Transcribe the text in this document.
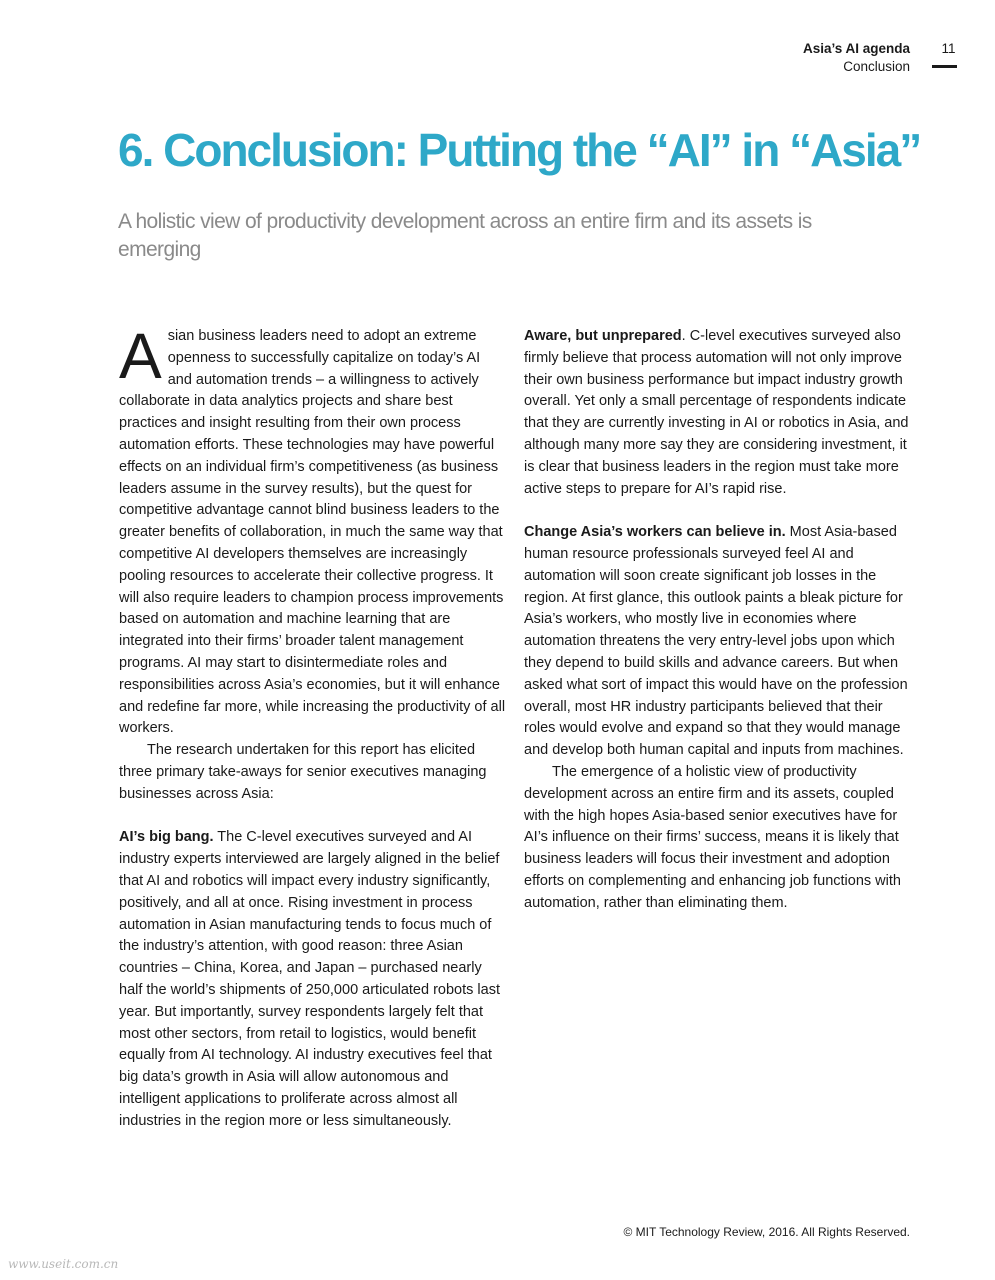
Asia’s AI agenda
Conclusion
11
6. Conclusion: Putting the “AI” in “Asia”
A holistic view of productivity development across an entire firm and its assets is emerging

Asian business leaders need to adopt an extreme openness to successfully capitalize on today’s AI and automation trends – a willingness to actively collaborate in data analytics projects and share best practices and insight resulting from their own process automation efforts. These technologies may have powerful effects on an individual firm’s competitiveness (as business leaders assume in the survey results), but the quest for competitive advantage cannot blind business leaders to the greater benefits of collaboration, in much the same way that competitive AI developers themselves are increasingly pooling resources to accelerate their collective progress. It will also require leaders to champion process improvements based on automation and machine learning that are integrated into their firms’ broader talent management programs. AI may start to disintermediate roles and responsibilities across Asia’s economies, but it will enhance and redefine far more, while increasing the productivity of all workers.

The research undertaken for this report has elicited three primary take-aways for senior executives managing businesses across Asia:

AI’s big bang. The C-level executives surveyed and AI industry experts interviewed are largely aligned in the belief that AI and robotics will impact every industry significantly, positively, and all at once. Rising investment in process automation in Asian manufacturing tends to focus much of the industry’s attention, with good reason: three Asian countries – China, Korea, and Japan – purchased nearly half the world’s shipments of 250,000 articulated robots last year. But importantly, survey respondents largely felt that most other sectors, from retail to logistics, would benefit equally from AI technology. AI industry executives feel that big data’s growth in Asia will allow autonomous and intelligent applications to proliferate across almost all industries in the region more or less simultaneously.

Aware, but unprepared. C-level executives surveyed also firmly believe that process automation will not only improve their own business performance but impact industry growth overall. Yet only a small percentage of respondents indicate that they are currently investing in AI or robotics in Asia, and although many more say they are considering investment, it is clear that business leaders in the region must take more active steps to prepare for AI’s rapid rise.

Change Asia’s workers can believe in. Most Asia-based human resource professionals surveyed feel AI and automation will soon create significant job losses in the region. At first glance, this outlook paints a bleak picture for Asia’s workers, who mostly live in economies where automation threatens the very entry-level jobs upon which they depend to build skills and advance careers. But when asked what sort of impact this would have on the profession overall, most HR industry participants believed that their roles would evolve and expand so that they would manage and develop both human capital and inputs from machines.

The emergence of a holistic view of productivity development across an entire firm and its assets, coupled with the high hopes Asia-based senior executives have for AI’s influence on their firms’ success, means it is likely that business leaders will focus their investment and adoption efforts on complementing and enhancing job functions with automation, rather than eliminating them.

© MIT Technology Review, 2016. All Rights Reserved.
www.useit.com.cn
